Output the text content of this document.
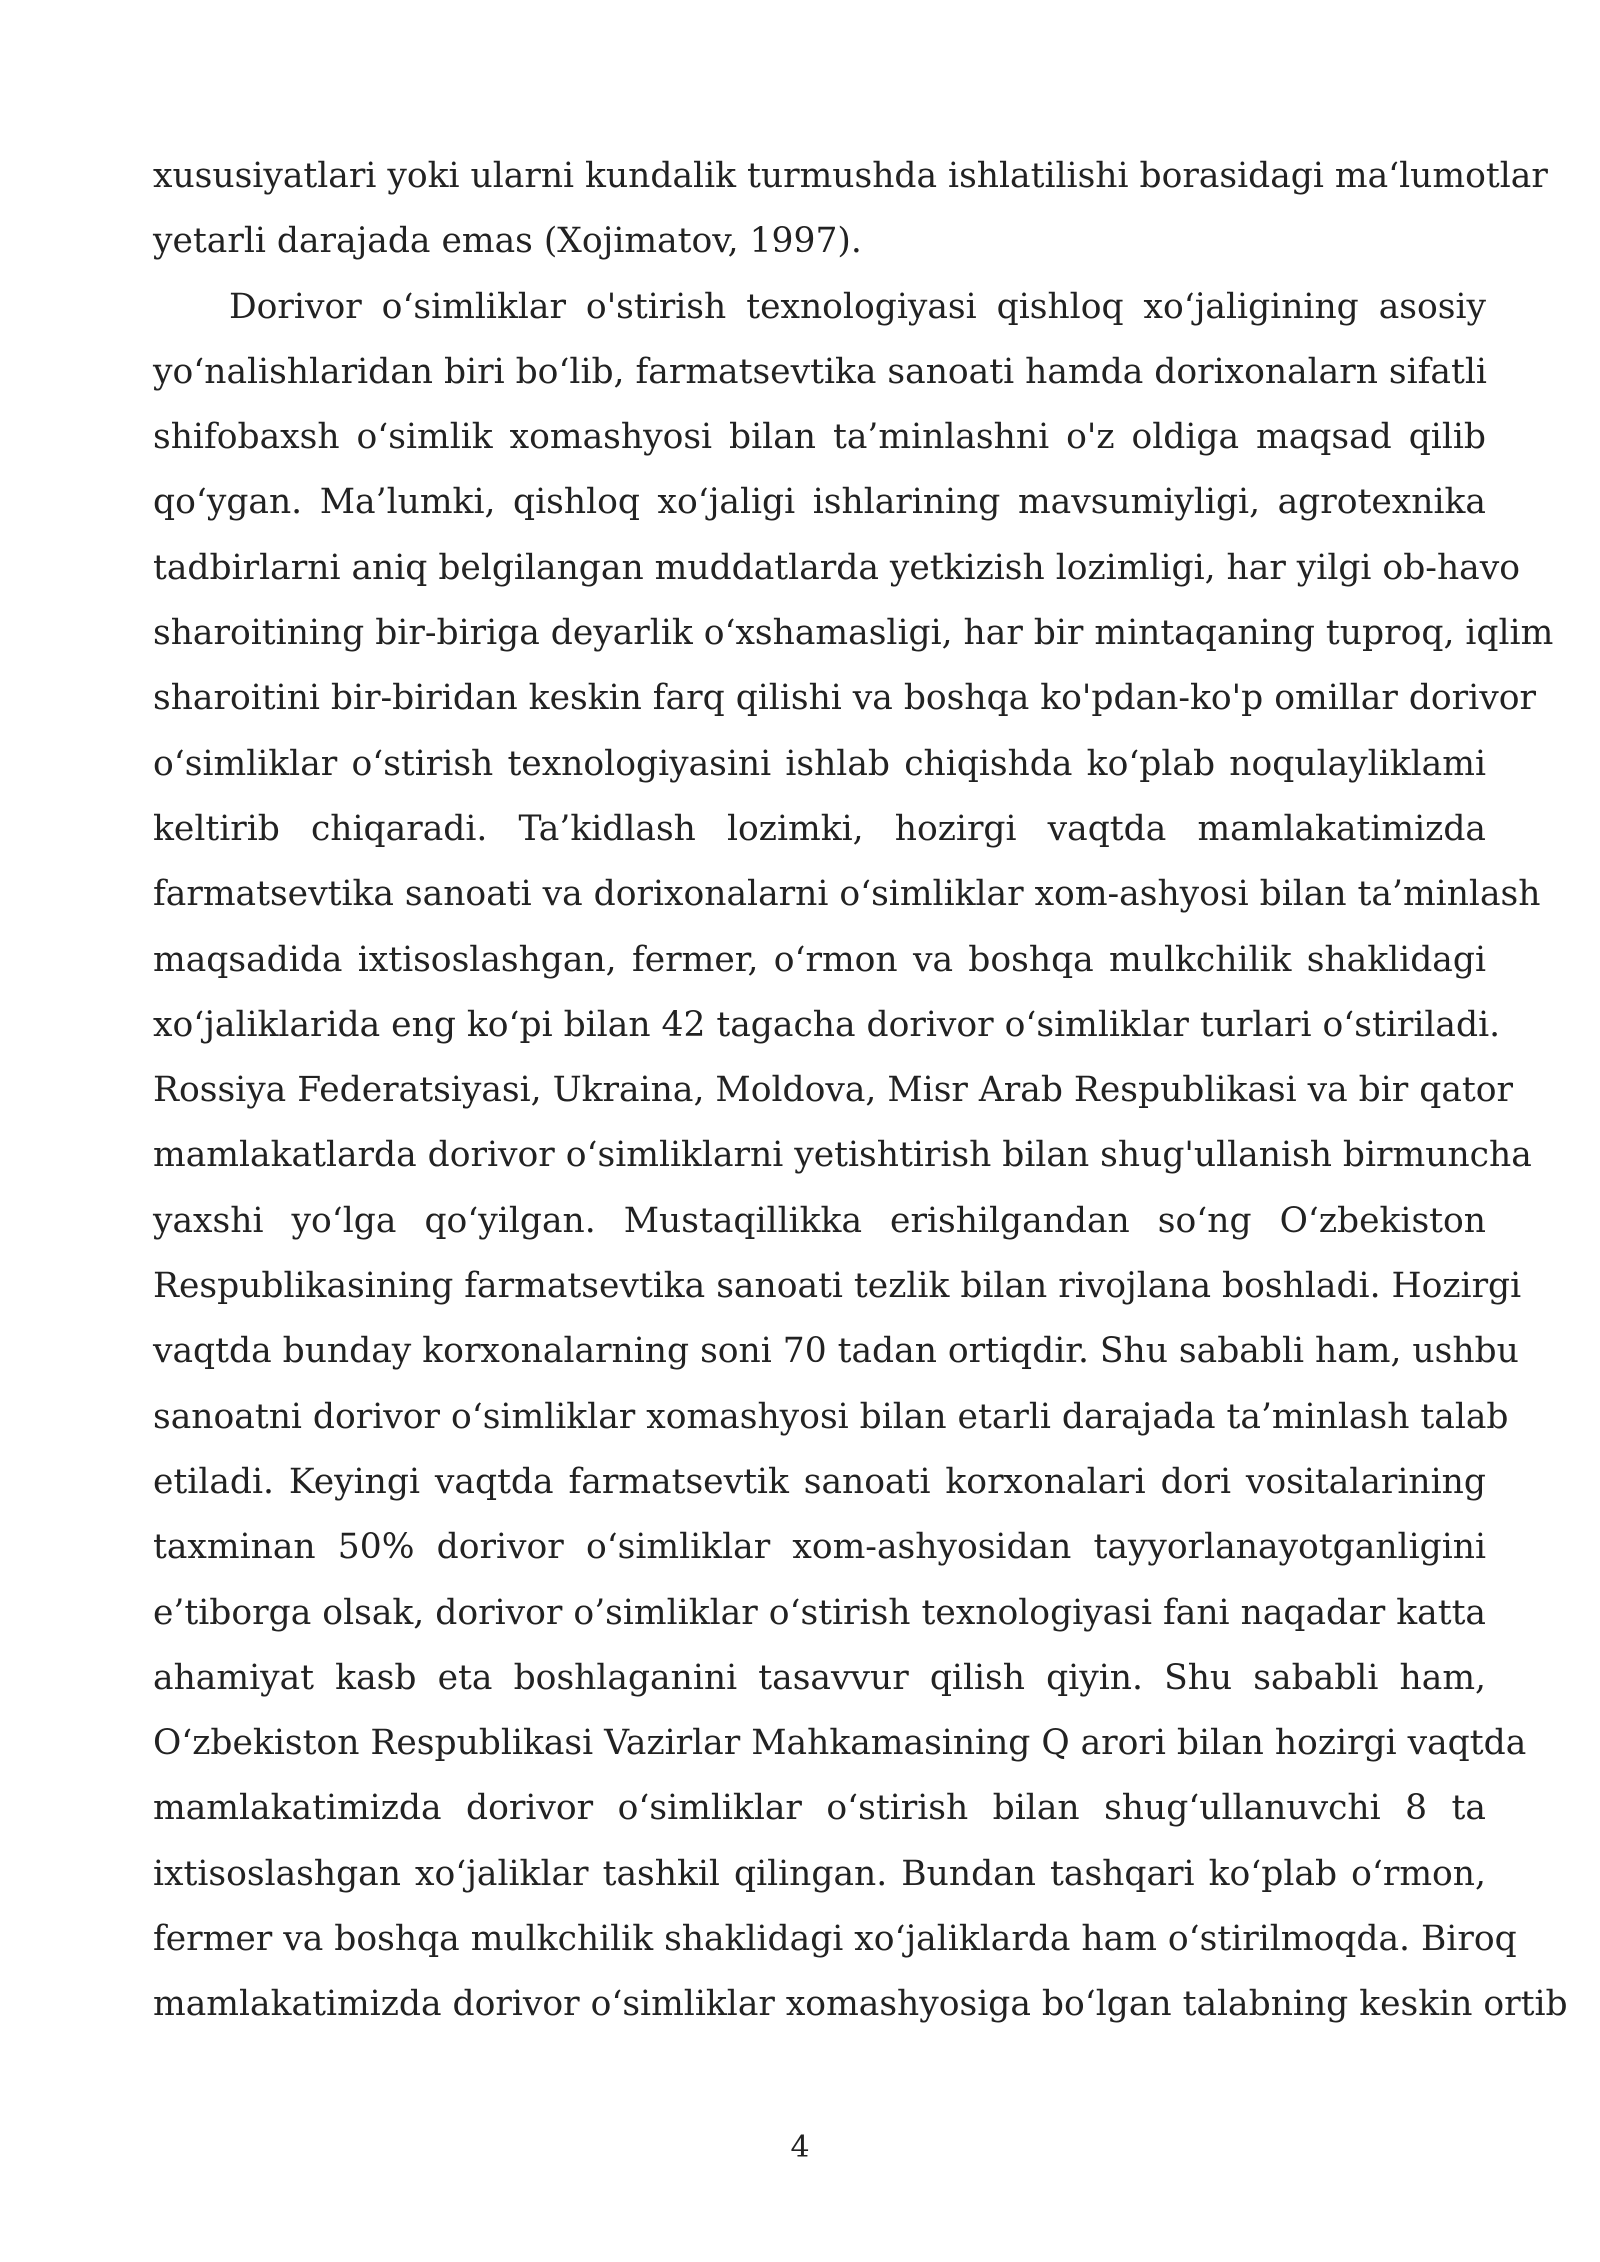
xususiyatlari yoki ularni kundalik turmushda ishlatilishi borasidagi ma‘lumotlar
yetarli darajada emas (Xojimatov, 1997).
Dorivor o‘simliklar o'stirish texnologiyasi qishloq xo‘jaligining asosiy
yo‘nalishlaridan biri bo‘lib, farmatsevtika sanoati hamda dorixonalarn sifatli
shifobaxsh o‘simlik xomashyosi bilan ta’minlashni o'z oldiga maqsad qilib
qo‘ygan. Ma’lumki, qishloq xo‘jaligi ishlarining mavsumiyligi, agrotexnika
tadbirlarni aniq belgilangan muddatlarda yetkizish lozimligi, har yilgi ob-havo
sharoitining bir-biriga deyarlik o‘xshamasligi, har bir mintaqaning tuproq, iqlim
sharoitini bir-biridan keskin farq qilishi va boshqa ko'pdan-ko'p omillar dorivor
o‘simliklar o‘stirish texnologiyasini ishlab chiqishda ko‘plab noqulayliklami
keltirib chiqaradi. Ta’kidlash lozimki, hozirgi vaqtda mamlakatimizda
farmatsevtika sanoati va dorixonalarni o‘simliklar xom-ashyosi bilan ta’minlash
maqsadida ixtisoslashgan, fermer, o‘rmon va boshqa mulkchilik shaklidagi
xo‘jaliklarida eng ko‘pi bilan 42 tagacha dorivor o‘simliklar turlari o‘stiriladi.
Rossiya Federatsiyasi, Ukraina, Moldova, Misr Arab Respublikasi va bir qator
mamlakatlarda dorivor o‘simliklarni yetishtirish bilan shug'ullanish birmuncha
yaxshi yo‘lga qo‘yilgan. Mustaqillikka erishilgandan so‘ng O‘zbekiston
Respublikasining farmatsevtika sanoati tezlik bilan rivojlana boshladi. Hozirgi
vaqtda bunday korxonalarning soni 70 tadan ortiqdir. Shu sababli ham, ushbu
sanoatni dorivor o‘simliklar xomashyosi bilan etarli darajada ta’minlash talab
etiladi. Keyingi vaqtda farmatsevtik sanoati korxonalari dori vositalarining
taxminan 50% dorivor o‘simliklar xom-ashyosidan tayyorlanayotganligini
e’tiborga olsak, dorivor o’simliklar o‘stirish texnologiyasi fani naqadar katta
ahamiyat kasb eta boshlaganini tasavvur qilish qiyin. Shu sababli ham,
O‘zbekiston Respublikasi Vazirlar Mahkamasining Q arori bilan hozirgi vaqtda
mamlakatimizda dorivor o‘simliklar o‘stirish bilan shug‘ullanuvchi 8 ta
ixtisoslashgan xo‘jaliklar tashkil qilingan. Bundan tashqari ko‘plab o‘rmon,
fermer va boshqa mulkchilik shaklidagi xo‘jaliklarda ham o‘stirilmoqda. Biroq
mamlakatimizda dorivor o‘simliklar xomashyosiga bo‘lgan talabning keskin ortib
4
